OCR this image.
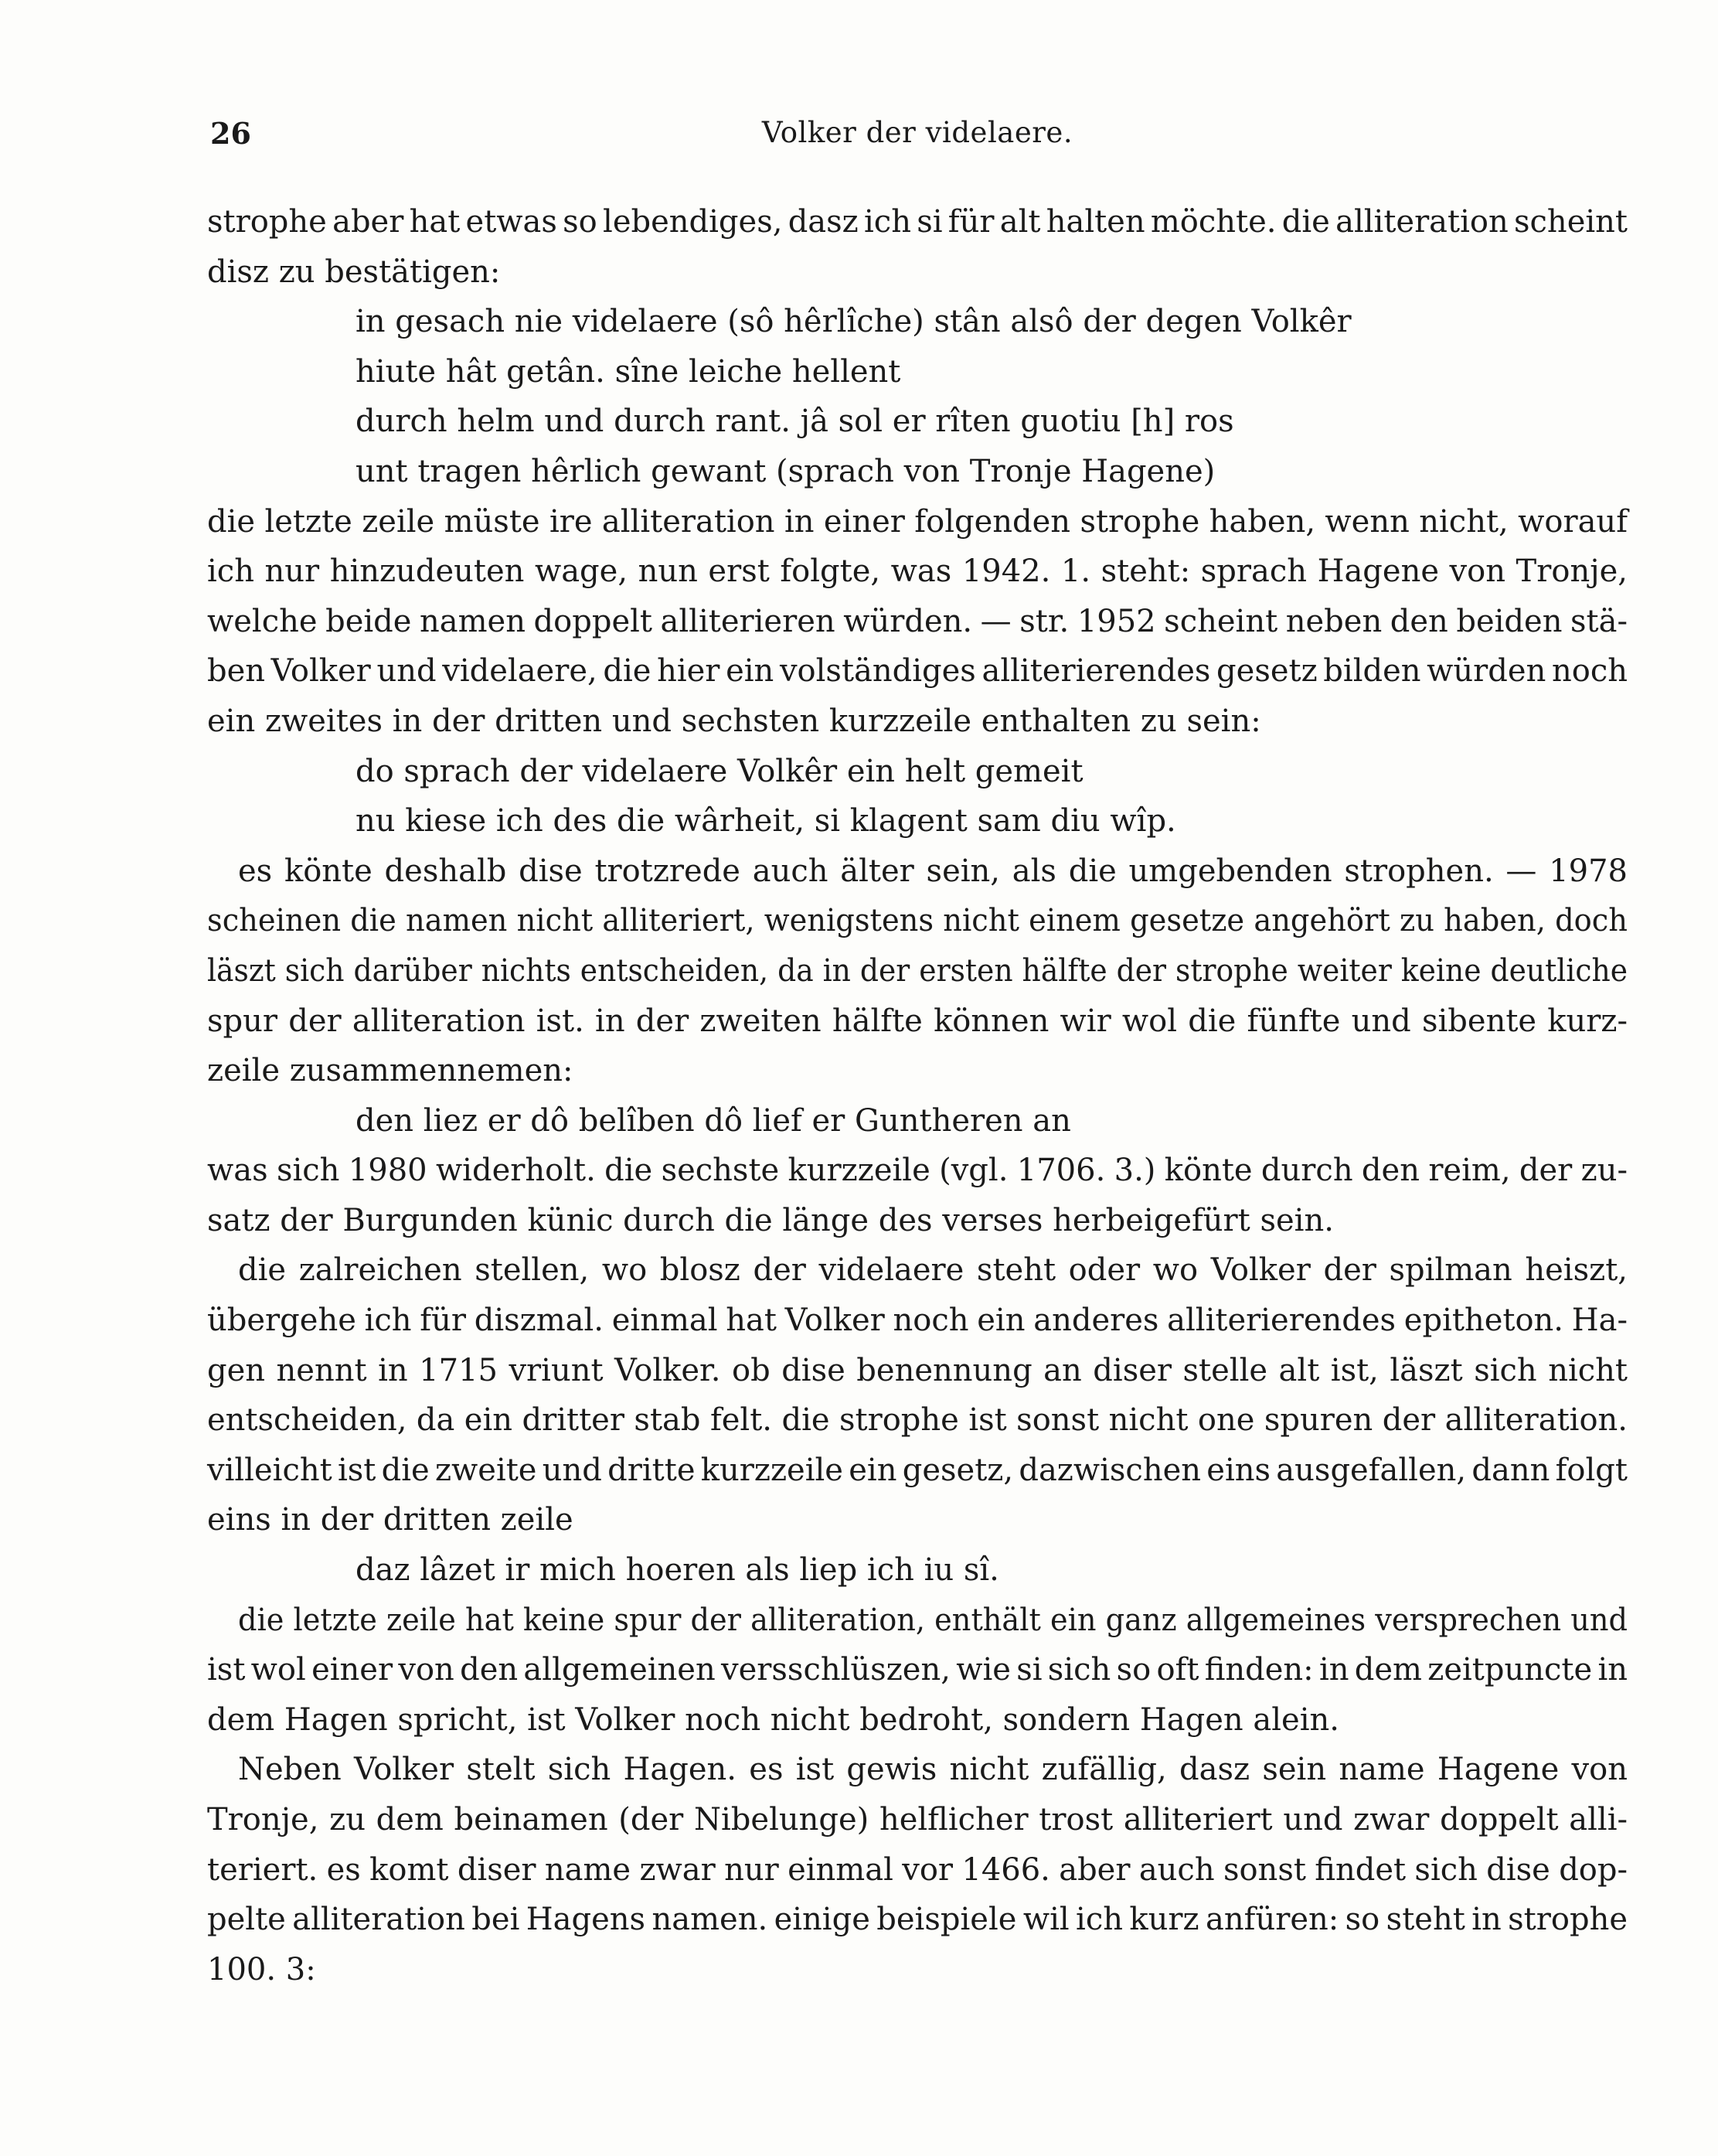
26	Volker der videlaere.
strophe aber hat etwas so lebendiges, dasz ich si für alt halten möchte. die alliteration scheint
disz zu bestätigen:
in gesach nie videlaere (sô hêrlîche) stân alsô der degen Volkêr
hiute hât getân. sîne leiche hellent
durch helm und durch rant. jâ sol er rîten guotiu [h] ros
unt tragen hêrlich gewant (sprach von Tronje Hagene)
die letzte zeile müste ire alliteration in einer folgenden strophe haben, wenn nicht, worauf
ich nur hinzudeuten wage, nun erst folgte, was 1942. 1. steht: sprach Hagene von Tronje,
welche beide namen doppelt alliterieren würden. — str. 1952 scheint neben den beiden stä-
ben Volker und videlaere, die hier ein volständiges alliterierendes gesetz bilden würden noch
ein zweites in der dritten und sechsten kurzzeile enthalten zu sein:
do sprach der videlaere Volkêr ein helt gemeit
nu kiese ich des die wârheit, si klagent sam diu wîp.
es könte deshalb dise trotzrede auch älter sein, als die umgebenden strophen. — 1978
scheinen die namen nicht alliteriert, wenigstens nicht einem gesetze angehört zu haben, doch
läszt sich darüber nichts entscheiden, da in der ersten hälfte der strophe weiter keine deutliche
spur der alliteration ist. in der zweiten hälfte können wir wol die fünfte und sibente kurz-
zeile zusammennemen:
den liez er dô belîben dô lief er Guntheren an
was sich 1980 widerholt. die sechste kurzzeile (vgl. 1706. 3.) könte durch den reim, der zu-
satz der Burgunden künic durch die länge des verses herbeigefürt sein.
die zalreichen stellen, wo blosz der videlaere steht oder wo Volker der spilman heiszt,
übergehe ich für diszmal. einmal hat Volker noch ein anderes alliterierendes epitheton. Ha-
gen nennt in 1715 vriunt Volker. ob dise benennung an diser stelle alt ist, läszt sich nicht
entscheiden, da ein dritter stab felt. die strophe ist sonst nicht one spuren der alliteration.
villeicht ist die zweite und dritte kurzzeile ein gesetz, dazwischen eins ausgefallen, dann folgt
eins in der dritten zeile
daz lâzet ir mich hoeren als liep ich iu sî.
die letzte zeile hat keine spur der alliteration, enthält ein ganz allgemeines versprechen und
ist wol einer von den allgemeinen versschlüszen, wie si sich so oft finden: in dem zeitpuncte in
dem Hagen spricht, ist Volker noch nicht bedroht, sondern Hagen alein.
Neben Volker stelt sich Hagen. es ist gewis nicht zufällig, dasz sein name Hagene von
Tronje, zu dem beinamen (der Nibelunge) helflicher trost alliteriert und zwar doppelt alli-
teriert. es komt diser name zwar nur einmal vor 1466. aber auch sonst findet sich dise dop-
pelte alliteration bei Hagens namen. einige beispiele wil ich kurz anfüren: so steht in strophe
100. 3:
